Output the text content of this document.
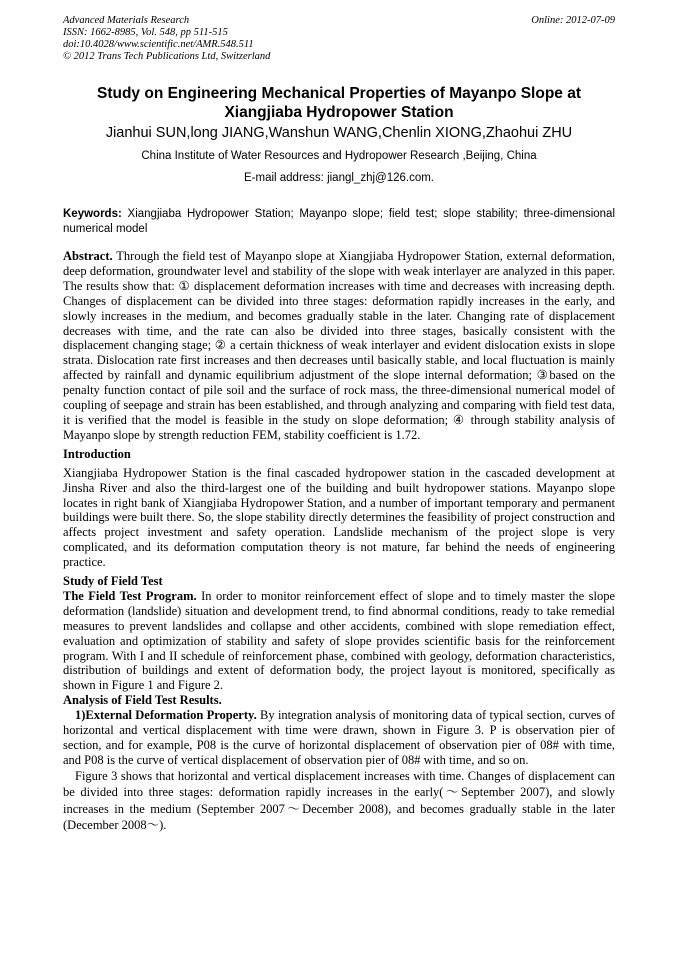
Advanced Materials Research
ISSN: 1662-8985, Vol. 548, pp 511-515
doi:10.4028/www.scientific.net/AMR.548.511
© 2012 Trans Tech Publications Ltd, Switzerland
Online: 2012-07-09
Study on Engineering Mechanical Properties of Mayanpo Slope at Xiangjiaba Hydropower Station
Jianhui SUN,long JIANG,Wanshun WANG,Chenlin XIONG,Zhaohui ZHU
China Institute of Water Resources and Hydropower Research ,Beijing, China
E-mail address: jiangl_zhj@126.com.
Keywords: Xiangjiaba Hydropower Station; Mayanpo slope; field test; slope stability; three-dimensional numerical model

Abstract. Through the field test of Mayanpo slope at Xiangjiaba Hydropower Station, external deformation, deep deformation, groundwater level and stability of the slope with weak interlayer are analyzed in this paper. The results show that: ① displacement deformation increases with time and decreases with increasing depth. Changes of displacement can be divided into three stages: deformation rapidly increases in the early, and slowly increases in the medium, and becomes gradually stable in the later. Changing rate of displacement decreases with time, and the rate can also be divided into three stages, basically consistent with the displacement changing stage; ② a certain thickness of weak interlayer and evident dislocation exists in slope strata. Dislocation rate first increases and then decreases until basically stable, and local fluctuation is mainly affected by rainfall and dynamic equilibrium adjustment of the slope internal deformation; ③based on the penalty function contact of pile soil and the surface of rock mass, the three-dimensional numerical model of coupling of seepage and strain has been established, and through analyzing and comparing with field test data, it is verified that the model is feasible in the study on slope deformation; ④ through stability analysis of Mayanpo slope by strength reduction FEM, stability coefficient is 1.72.

Introduction

Xiangjiaba Hydropower Station is the final cascaded hydropower station in the cascaded development at Jinsha River and also the third-largest one of the building and built hydropower stations. Mayanpo slope locates in right bank of Xiangjiaba Hydropower Station, and a number of important temporary and permanent buildings were built there. So, the slope stability directly determines the feasibility of project construction and affects project investment and safety operation. Landslide mechanism of the project slope is very complicated, and its deformation computation theory is not mature, far behind the needs of engineering practice.

Study of Field Test

The Field Test Program. In order to monitor reinforcement effect of slope and to timely master the slope deformation (landslide) situation and development trend, to find abnormal conditions, ready to take remedial measures to prevent landslides and collapse and other accidents, combined with slope remediation effect, evaluation and optimization of stability and safety of slope provides scientific basis for the reinforcement program. With I and II schedule of reinforcement phase, combined with geology, deformation characteristics, distribution of buildings and extent of deformation body, the project layout is monitored, specifically as shown in Figure 1 and Figure 2.

Analysis of Field Test Results.

1)External Deformation Property. By integration analysis of monitoring data of typical section, curves of horizontal and vertical displacement with time were drawn, shown in Figure 3. P is observation pier of section, and for example, P08 is the curve of horizontal displacement of observation pier of 08# with time, and P08 is the curve of vertical displacement of observation pier of 08# with time, and so on.

Figure 3 shows that horizontal and vertical displacement increases with time. Changes of displacement can be divided into three stages: deformation rapidly increases in the early(～September 2007), and slowly increases in the medium (September 2007～December 2008), and becomes gradually stable in the later (December 2008～).
